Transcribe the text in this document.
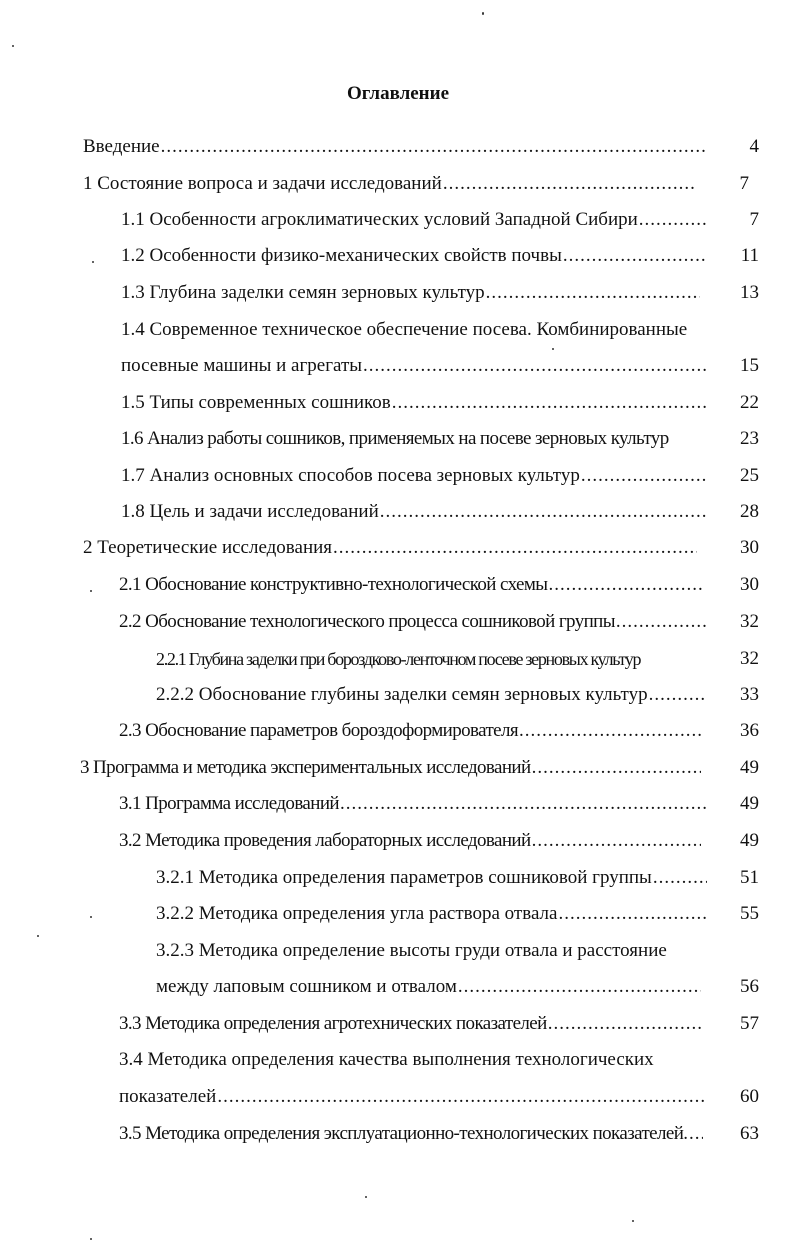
Оглавление
Введение .....	4
1 Состояние вопроса и задачи исследований .....	7
1.1 Особенности агроклиматических условий Западной Сибири .....	7
1.2 Особенности физико-механических свойств почвы .....	11
1.3 Глубина заделки семян зерновых культур .....	13
1.4 Современное техническое обеспечение посева. Комбинированные
посевные машины и агрегаты .....	15
1.5 Типы современных сошников .....	22
1.6 Анализ работы сошников, применяемых на посеве зерновых культур	23
1.7 Анализ основных способов посева зерновых культур .....	25
1.8 Цель и задачи исследований .....	28
2 Теоретические исследования .....	30
2.1 Обоснование конструктивно-технологической схемы .....	30
2.2 Обоснование технологического процесса сошниковой группы .....	32
2.2.1 Глубина заделки при бороздково-ленточном посеве зерновых культур	32
2.2.2 Обоснование глубины заделки семян зерновых культур .....	33
2.3 Обоснование параметров бороздоформирователя .....	36
3 Программа и методика экспериментальных исследований .....	49
3.1 Программа исследований .....	49
3.2 Методика проведения лабораторных исследований .....	49
3.2.1 Методика определения параметров сошниковой группы .....	51
3.2.2 Методика определения угла раствора отвала .....	55
3.2.3 Методика определение высоты груди отвала и расстояние
между лаповым сошником и отвалом .....	56
3.3 Методика определения агротехнических показателей .....	57
3.4 Методика определения качества выполнения технологических
показателей .....	60
3.5 Методика определения эксплуатационно-технологических показателей .....	63
